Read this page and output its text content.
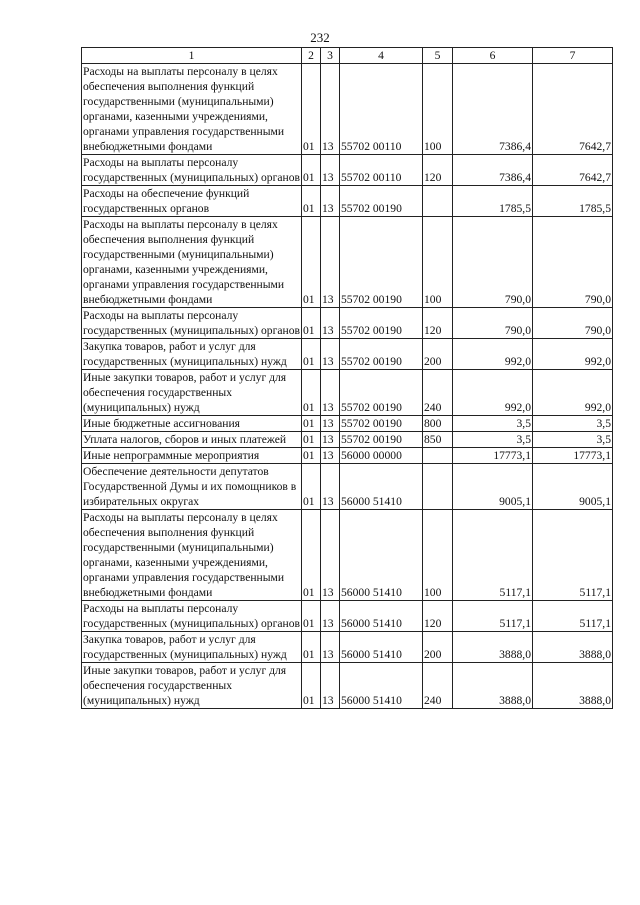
232
1	2	3	4	5	6	7
Расходы на выплаты персоналу в целях обеспечения выполнения функций государственными (муниципальными) органами, казенными учреждениями, органами управления государственными внебюджетными фондами	01	13	55702 00110	100	7386,4	7642,7
Расходы на выплаты персоналу государственных (муниципальных) органов	01	13	55702 00110	120	7386,4	7642,7
Расходы на обеспечение функций государственных органов	01	13	55702 00190		1785,5	1785,5
Расходы на выплаты персоналу в целях обеспечения выполнения функций государственными (муниципальными) органами, казенными учреждениями, органами управления государственными внебюджетными фондами	01	13	55702 00190	100	790,0	790,0
Расходы на выплаты персоналу государственных (муниципальных) органов	01	13	55702 00190	120	790,0	790,0
Закупка товаров, работ и услуг для государственных (муниципальных) нужд	01	13	55702 00190	200	992,0	992,0
Иные закупки товаров, работ и услуг для обеспечения государственных (муниципальных) нужд	01	13	55702 00190	240	992,0	992,0
Иные бюджетные ассигнования	01	13	55702 00190	800	3,5	3,5
Уплата налогов, сборов и иных платежей	01	13	55702 00190	850	3,5	3,5
Иные непрограммные мероприятия	01	13	56000 00000		17773,1	17773,1
Обеспечение деятельности депутатов Государственной Думы и их помощников в избирательных округах	01	13	56000 51410		9005,1	9005,1
Расходы на выплаты персоналу в целях обеспечения выполнения функций государственными (муниципальными) органами, казенными учреждениями, органами управления государственными внебюджетными фондами	01	13	56000 51410	100	5117,1	5117,1
Расходы на выплаты персоналу государственных (муниципальных) органов	01	13	56000 51410	120	5117,1	5117,1
Закупка товаров, работ и услуг для государственных (муниципальных) нужд	01	13	56000 51410	200	3888,0	3888,0
Иные закупки товаров, работ и услуг для обеспечения государственных (муниципальных) нужд	01	13	56000 51410	240	3888,0	3888,0
